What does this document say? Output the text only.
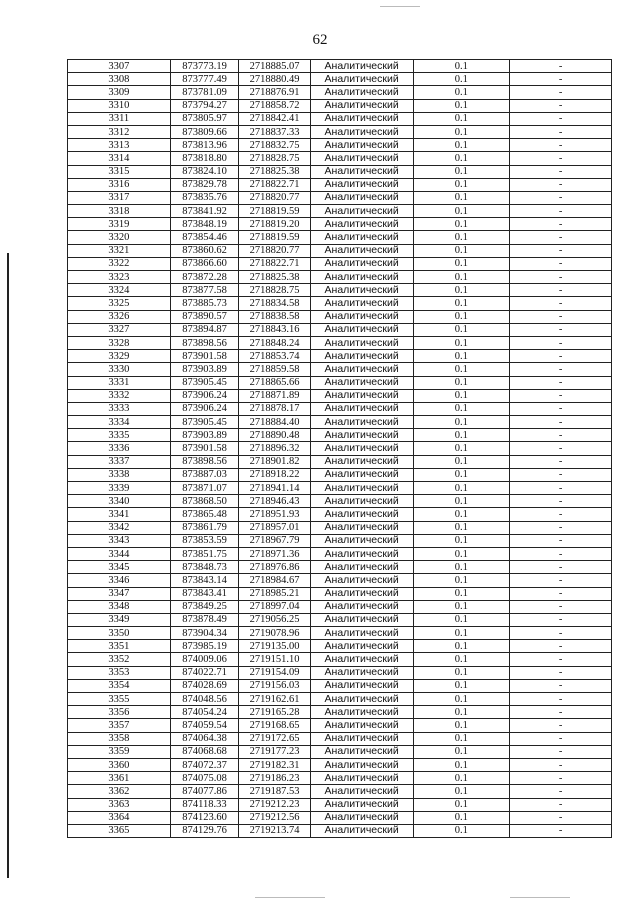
62
3307	873773.19	2718885.07	Аналитический	0.1	-
3308	873777.49	2718880.49	Аналитический	0.1	-
3309	873781.09	2718876.91	Аналитический	0.1	-
3310	873794.27	2718858.72	Аналитический	0.1	-
3311	873805.97	2718842.41	Аналитический	0.1	-
3312	873809.66	2718837.33	Аналитический	0.1	-
3313	873813.96	2718832.75	Аналитический	0.1	-
3314	873818.80	2718828.75	Аналитический	0.1	-
3315	873824.10	2718825.38	Аналитический	0.1	-
3316	873829.78	2718822.71	Аналитический	0.1	-
3317	873835.76	2718820.77	Аналитический	0.1	-
3318	873841.92	2718819.59	Аналитический	0.1	-
3319	873848.19	2718819.20	Аналитический	0.1	-
3320	873854.46	2718819.59	Аналитический	0.1	-
3321	873860.62	2718820.77	Аналитический	0.1	-
3322	873866.60	2718822.71	Аналитический	0.1	-
3323	873872.28	2718825.38	Аналитический	0.1	-
3324	873877.58	2718828.75	Аналитический	0.1	-
3325	873885.73	2718834.58	Аналитический	0.1	-
3326	873890.57	2718838.58	Аналитический	0.1	-
3327	873894.87	2718843.16	Аналитический	0.1	-
3328	873898.56	2718848.24	Аналитический	0.1	-
3329	873901.58	2718853.74	Аналитический	0.1	-
3330	873903.89	2718859.58	Аналитический	0.1	-
3331	873905.45	2718865.66	Аналитический	0.1	-
3332	873906.24	2718871.89	Аналитический	0.1	-
3333	873906.24	2718878.17	Аналитический	0.1	-
3334	873905.45	2718884.40	Аналитический	0.1	-
3335	873903.89	2718890.48	Аналитический	0.1	-
3336	873901.58	2718896.32	Аналитический	0.1	-
3337	873898.56	2718901.82	Аналитический	0.1	-
3338	873887.03	2718918.22	Аналитический	0.1	-
3339	873871.07	2718941.14	Аналитический	0.1	-
3340	873868.50	2718946.43	Аналитический	0.1	-
3341	873865.48	2718951.93	Аналитический	0.1	-
3342	873861.79	2718957.01	Аналитический	0.1	-
3343	873853.59	2718967.79	Аналитический	0.1	-
3344	873851.75	2718971.36	Аналитический	0.1	-
3345	873848.73	2718976.86	Аналитический	0.1	-
3346	873843.14	2718984.67	Аналитический	0.1	-
3347	873843.41	2718985.21	Аналитический	0.1	-
3348	873849.25	2718997.04	Аналитический	0.1	-
3349	873878.49	2719056.25	Аналитический	0.1	-
3350	873904.34	2719078.96	Аналитический	0.1	-
3351	873985.19	2719135.00	Аналитический	0.1	-
3352	874009.06	2719151.10	Аналитический	0.1	-
3353	874022.71	2719154.09	Аналитический	0.1	-
3354	874028.69	2719156.03	Аналитический	0.1	-
3355	874048.56	2719162.61	Аналитический	0.1	-
3356	874054.24	2719165.28	Аналитический	0.1	-
3357	874059.54	2719168.65	Аналитический	0.1	-
3358	874064.38	2719172.65	Аналитический	0.1	-
3359	874068.68	2719177.23	Аналитический	0.1	-
3360	874072.37	2719182.31	Аналитический	0.1	-
3361	874075.08	2719186.23	Аналитический	0.1	-
3362	874077.86	2719187.53	Аналитический	0.1	-
3363	874118.33	2719212.23	Аналитический	0.1	-
3364	874123.60	2719212.56	Аналитический	0.1	-
3365	874129.76	2719213.74	Аналитический	0.1	-
